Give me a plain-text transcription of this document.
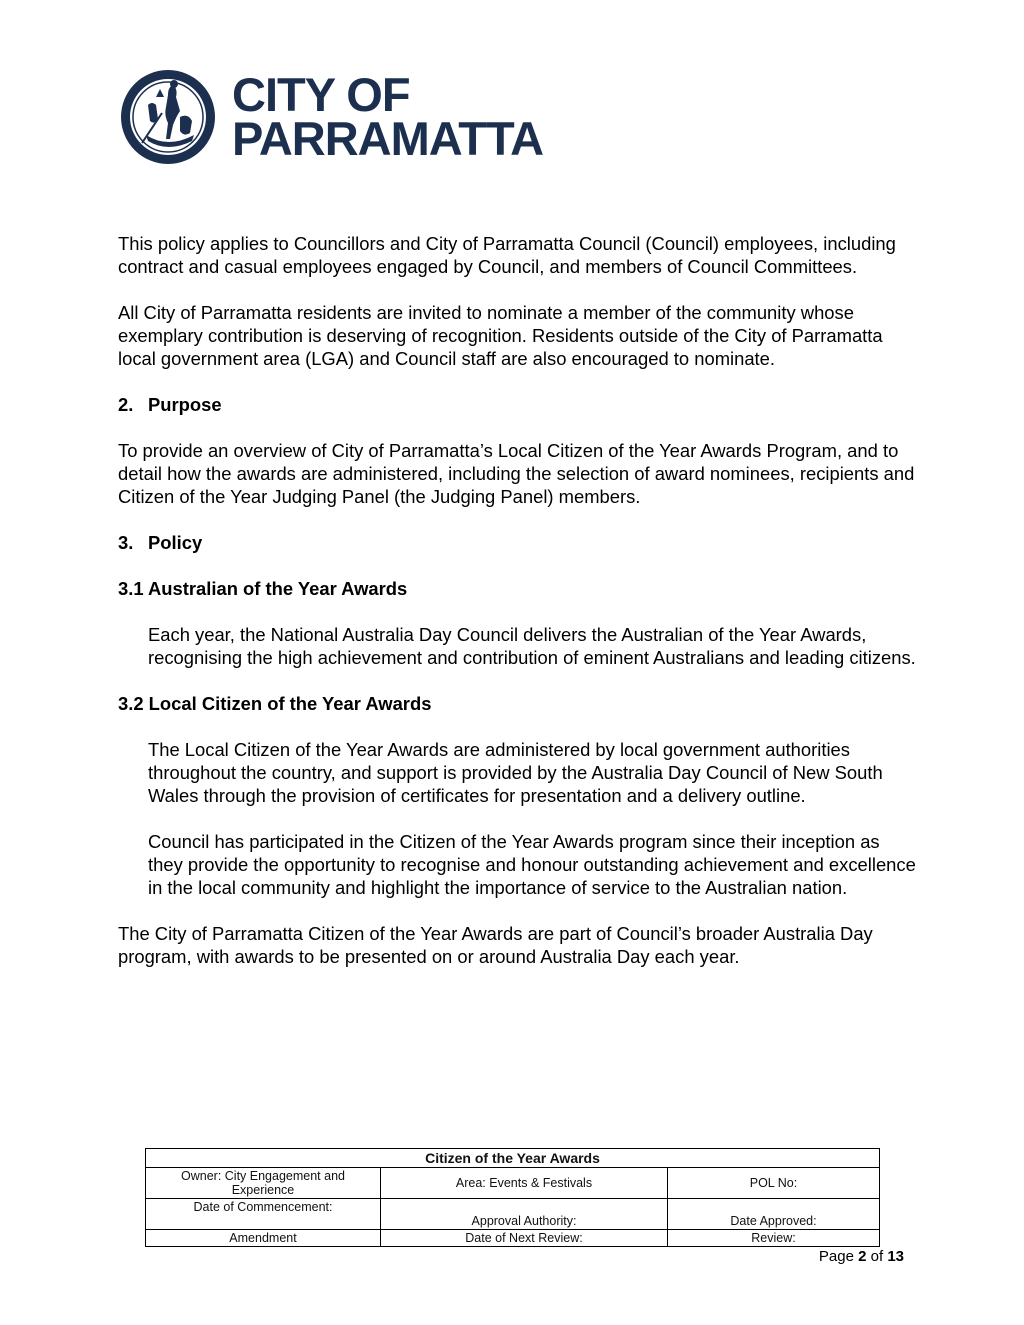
CITY OF
PARRAMATTA

This policy applies to Councillors and City of Parramatta Council (Council) employees, including contract and casual employees engaged by Council, and members of Council Committees.

All City of Parramatta residents are invited to nominate a member of the community whose exemplary contribution is deserving of recognition. Residents outside of the City of Parramatta local government area (LGA) and Council staff are also encouraged to nominate.

2. Purpose

To provide an overview of City of Parramatta’s Local Citizen of the Year Awards Program, and to detail how the awards are administered, including the selection of award nominees, recipients and Citizen of the Year Judging Panel (the Judging Panel) members.

3. Policy
3.1 Australian of the Year Awards

Each year, the National Australia Day Council delivers the Australian of the Year Awards, recognising the high achievement and contribution of eminent Australians and leading citizens.

3.2 Local Citizen of the Year Awards

The Local Citizen of the Year Awards are administered by local government authorities throughout the country, and support is provided by the Australia Day Council of New South Wales through the provision of certificates for presentation and a delivery outline.

Council has participated in the Citizen of the Year Awards program since their inception as they provide the opportunity to recognise and honour outstanding achievement and excellence in the local community and highlight the importance of service to the Australian nation.

The City of Parramatta Citizen of the Year Awards are part of Council’s broader Australia Day program, with awards to be presented on or around Australia Day each year.

Citizen of the Year Awards		
Owner: City Engagement and Experience	Area: Events & Festivals	POL No:
Date of Commencement:	Approval Authority:	Date Approved:
Amendment	Date of Next Review:	Review:
Page 2 of 13
